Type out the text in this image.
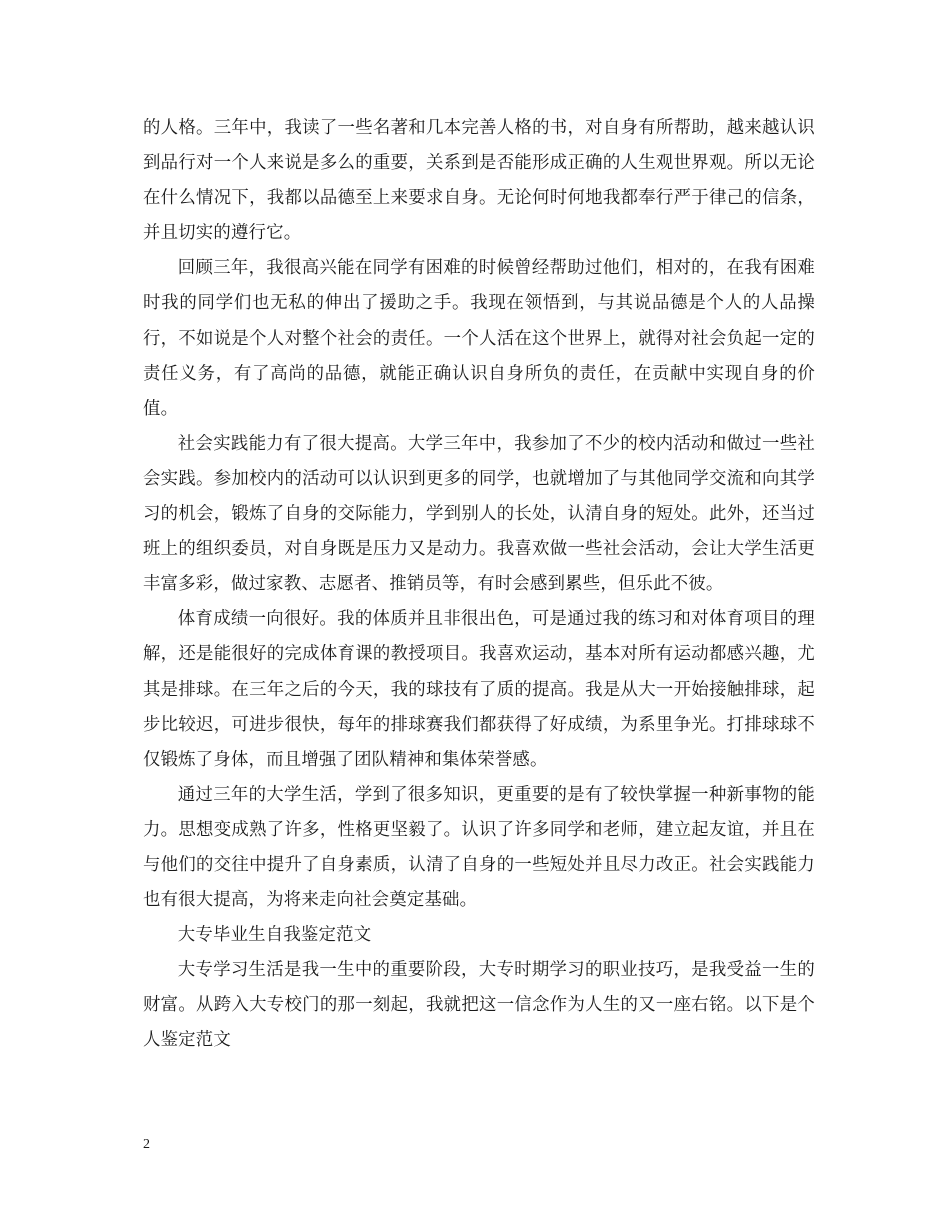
的人格。三年中，我读了一些名著和几本完善人格的书，对自身有所帮助，越来越认识到品行对一个人来说是多么的重要，关系到是否能形成正确的人生观世界观。所以无论在什么情况下，我都以品德至上来要求自身。无论何时何地我都奉行严于律己的信条，并且切实的遵行它。

回顾三年，我很高兴能在同学有困难的时候曾经帮助过他们，相对的，在我有困难时我的同学们也无私的伸出了援助之手。我现在领悟到，与其说品德是个人的人品操行，不如说是个人对整个社会的责任。一个人活在这个世界上，就得对社会负起一定的责任义务，有了高尚的品德，就能正确认识自身所负的责任，在贡献中实现自身的价值。

社会实践能力有了很大提高。大学三年中，我参加了不少的校内活动和做过一些社会实践。参加校内的活动可以认识到更多的同学，也就增加了与其他同学交流和向其学习的机会，锻炼了自身的交际能力，学到别人的长处，认清自身的短处。此外，还当过班上的组织委员，对自身既是压力又是动力。我喜欢做一些社会活动，会让大学生活更丰富多彩，做过家教、志愿者、推销员等，有时会感到累些，但乐此不彼。

体育成绩一向很好。我的体质并且非很出色，可是通过我的练习和对体育项目的理解，还是能很好的完成体育课的教授项目。我喜欢运动，基本对所有运动都感兴趣，尤其是排球。在三年之后的今天，我的球技有了质的提高。我是从大一开始接触排球，起步比较迟，可进步很快，每年的排球赛我们都获得了好成绩，为系里争光。打排球球不仅锻炼了身体，而且增强了团队精神和集体荣誉感。

通过三年的大学生活，学到了很多知识，更重要的是有了较快掌握一种新事物的能力。思想变成熟了许多，性格更坚毅了。认识了许多同学和老师，建立起友谊，并且在与他们的交往中提升了自身素质，认清了自身的一些短处并且尽力改正。社会实践能力也有很大提高，为将来走向社会奠定基础。

大专毕业生自我鉴定范文

大专学习生活是我一生中的重要阶段，大专时期学习的职业技巧，是我受益一生的财富。从跨入大专校门的那一刻起，我就把这一信念作为人生的又一座右铭。以下是个人鉴定范文

2
